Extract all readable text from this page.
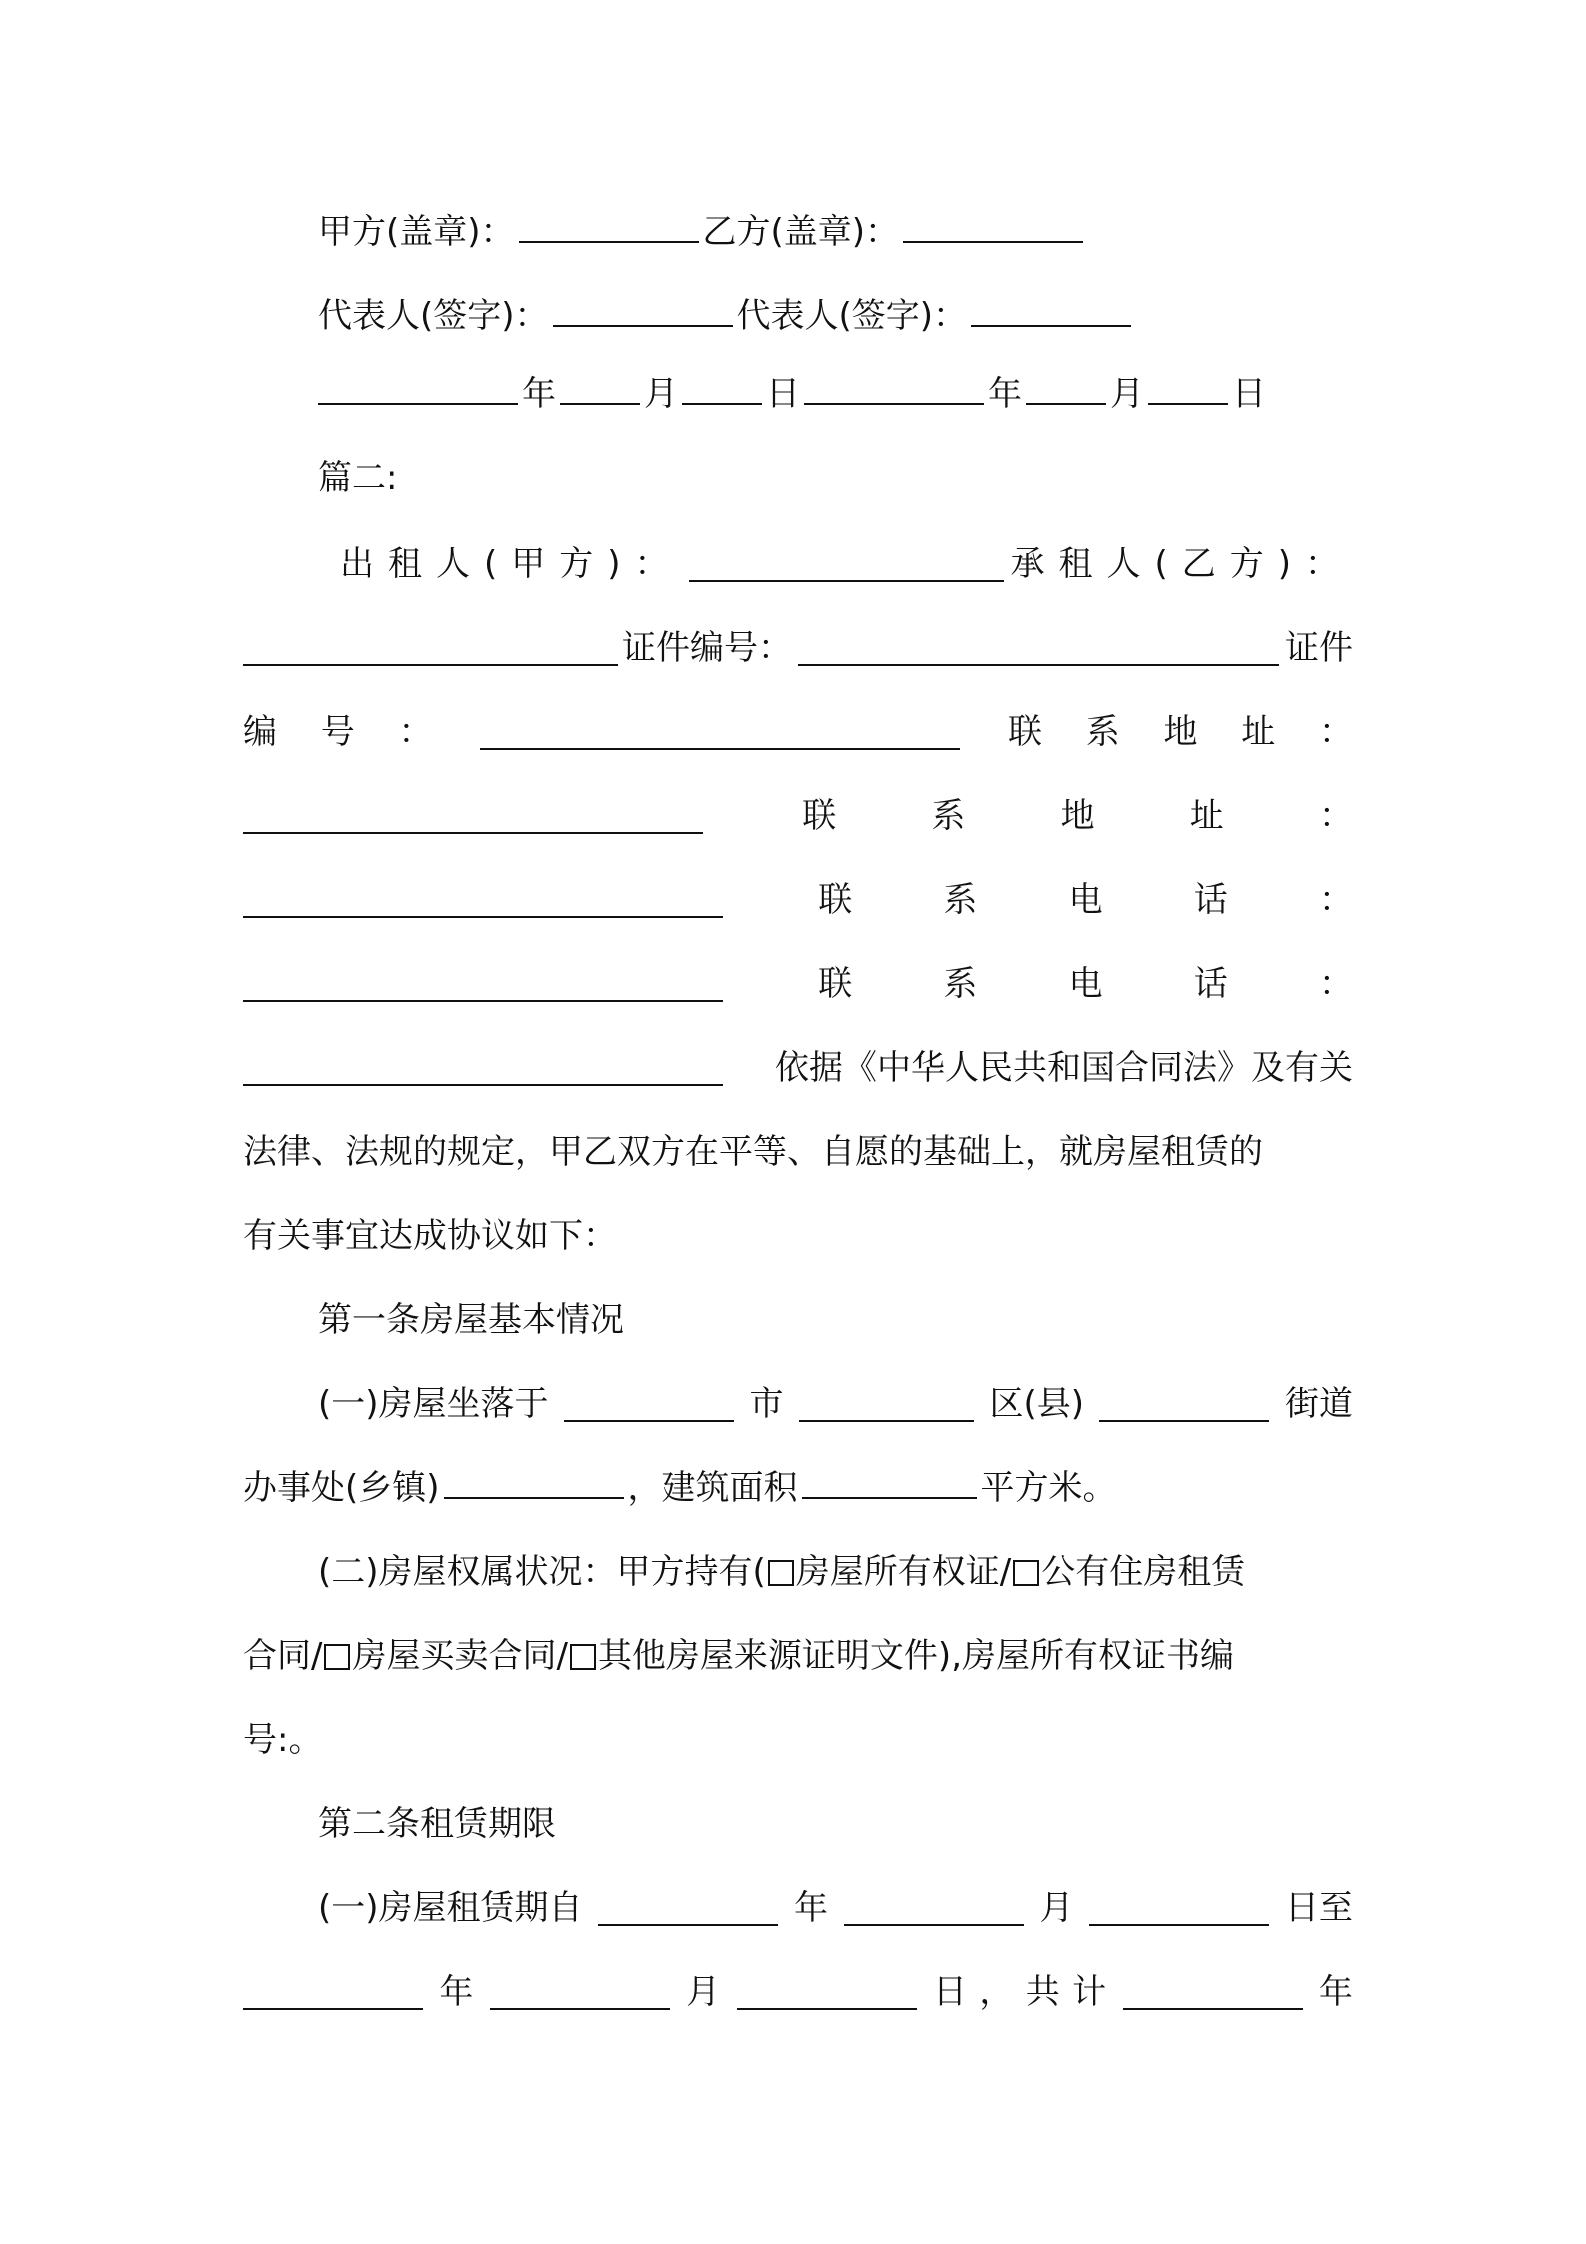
甲方(盖章)：	乙方(盖章)：
代表人(签字)：	代表人(签字)：
年	月	日	年	月	日
篇二:
出租人(甲方)：	承租人(乙方)：
证件编号：	证件
编 号 ：	联 系 地 址 ：
联	系	地	址	：
联	系	电	话	：
联	系	电	话	：
依据《中华人民共和国合同法》及有关
法律、法规的规定，甲乙双方在平等、自愿的基础上，就房屋租赁的
有关事宜达成协议如下：
第一条房屋基本情况
(一)房屋坐落于	市	区(县)	街道
办事处(乡镇)	，建筑面积	平方米。
(二)房屋权属状况：甲方持有( 房屋所有权证/ 公有住房租赁
合同/ 房屋买卖合同/ 其他房屋来源证明文件),房屋所有权证书编
号:。
第二条租赁期限
(一)房屋租赁期自	年	月	日至
年	月	日 ， 共 计	年
